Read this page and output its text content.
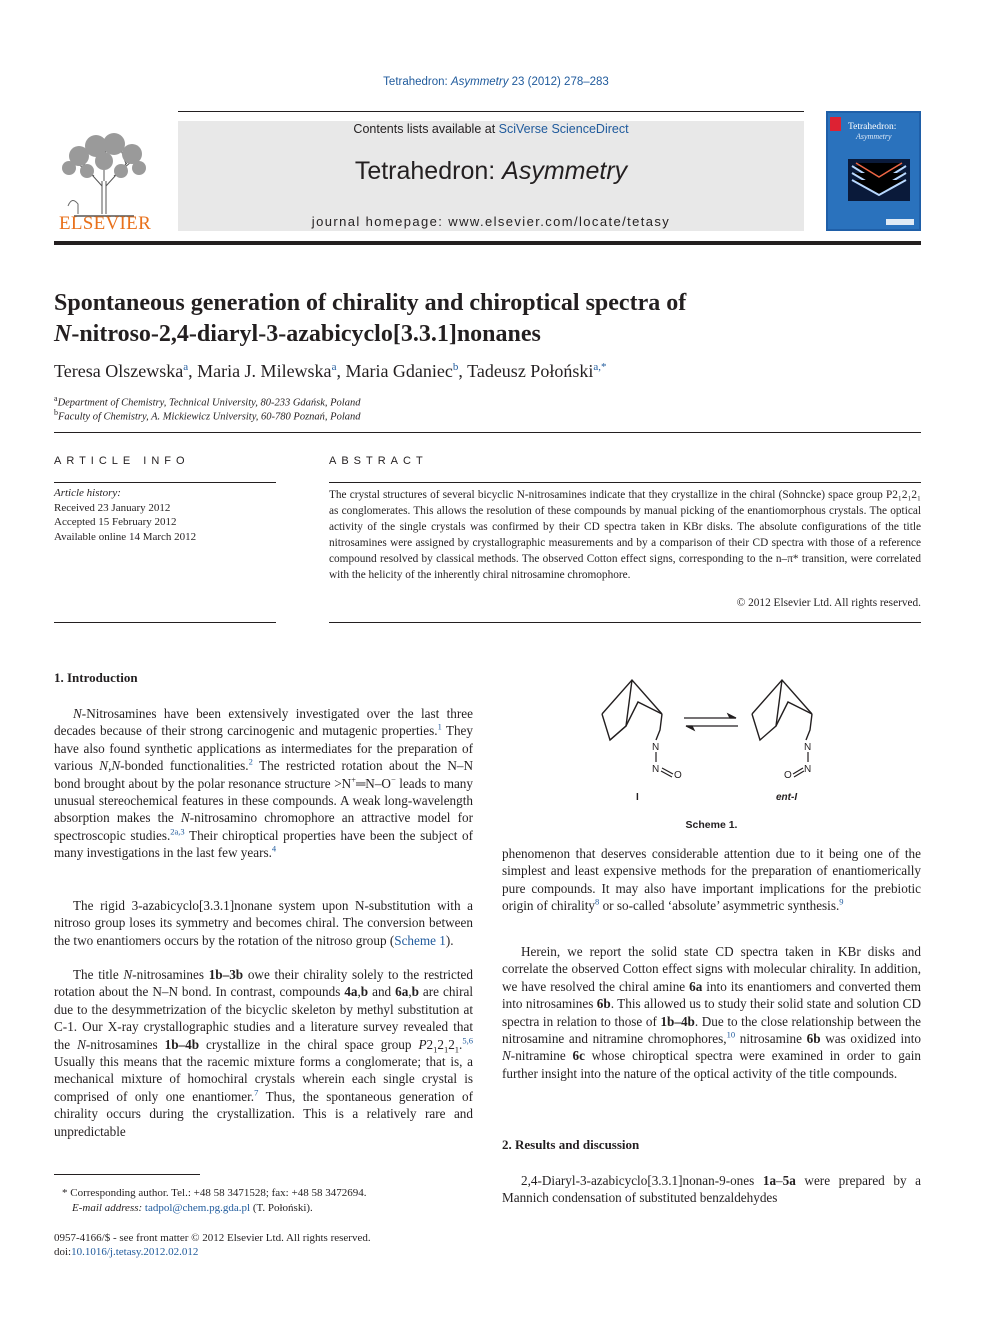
Tetrahedron: Asymmetry 23 (2012) 278–283
ELSEVIER
Contents lists available at SciVerse ScienceDirect
Tetrahedron: Asymmetry
journal homepage: www.elsevier.com/locate/tetasy
Tetrahedron:
Asymmetry
Spontaneous generation of chirality and chiroptical spectra of
N-nitroso-2,4-diaryl-3-azabicyclo[3.3.1]nonanes
Teresa Olszewska$^a$, Maria J. Milewska$^a$, Maria Gdaniec$^b$, Tadeusz Połoński$^{a,*}$
$^a$Department of Chemistry, Technical University, 80-233 Gdańsk, Poland
$^b$Faculty of Chemistry, A. Mickiewicz University, 60-780 Poznań, Poland
ARTICLE INFO	ABSTRACT
Article history:
Received 23 January 2012
Accepted 15 February 2012
Available online 14 March 2012
The crystal structures of several bicyclic N-nitrosamines indicate that they crystallize in the chiral (Sohncke) space group P2₁2₁2₁ as conglomerates. This allows the resolution of these compounds by manual picking of the enantiomorphous crystals. The optical activity of the single crystals was confirmed by their CD spectra taken in KBr disks. The absolute configurations of the title nitrosamines were assigned by crystallographic measurements and by a comparison of their CD spectra with those of a reference compound resolved by classical methods. The observed Cotton effect signs, corresponding to the n–π* transition, were correlated with the helicity of the inherently chiral nitrosamine chromophore.
© 2012 Elsevier Ltd. All rights reserved.
1. Introduction
N-Nitrosamines have been extensively investigated over the last three decades because of their strong carcinogenic and mutagenic properties.$^1$ They have also found synthetic applications as intermediates for the preparation of various N,N-bonded functionalities.$^2$ The restricted rotation about the N–N bond brought about by the polar resonance structure >N+═N–O− leads to many unusual stereochemical features in these compounds. A weak long-wavelength absorption makes the N-nitrosamino chromophore an attractive model for spectroscopic studies.$^{2a,3}$ Their chiroptical properties have been the subject of many investigations in the last few years.$^4$
The rigid 3-azabicyclo[3.3.1]nonane system upon N-substitution with a nitroso group loses its symmetry and becomes chiral. The conversion between the two enantiomers occurs by the rotation of the nitroso group (Scheme 1).
The title N-nitrosamines 1b–3b owe their chirality solely to the restricted rotation about the N–N bond. In contrast, compounds 4a,b and 6a,b are chiral due to the desymmetrization of the bicyclic skeleton by methyl substitution at C-1. Our X-ray crystallographic studies and a literature survey revealed that the N-nitrosamines 1b–4b crystallize in the chiral space group $P2_12_12_1.^{5,6}$ Usually this means that the racemic mixture forms a conglomerate; that is, a mechanical mixture of homochiral crystals wherein each single crystal is comprised of only one enantiomer.$^7$ Thus, the spontaneous generation of chirality occurs during the crystallization. This is a relatively rare and unpredictable
N
N
O
N
N
O
I	ent-I
Scheme 1.
phenomenon that deserves considerable attention due to it being one of the simplest and least expensive methods for the preparation of enantiomerically pure compounds. It may also have important implications for the prebiotic origin of chirality$^8$ or so-called ‘absolute’ asymmetric synthesis.$^9$
Herein, we report the solid state CD spectra taken in KBr disks and correlate the observed Cotton effect signs with molecular chirality. In addition, we have resolved the chiral amine 6a into its enantiomers and converted them into nitrosamines 6b. This allowed us to study their solid state and solution CD spectra in relation to those of 1b–4b. Due to the close relationship between the nitrosamine and nitramine chromophores,$^{10}$ nitrosamine 6b was oxidized into N-nitramine 6c whose chiroptical spectra were examined in order to gain further insight into the nature of the optical activity of the title compounds.
2. Results and discussion
2,4-Diaryl-3-azabicyclo[3.3.1]nonan-9-ones 1a–5a were prepared by a Mannich condensation of substituted benzaldehydes
* Corresponding author. Tel.: +48 58 3471528; fax: +48 58 3472694.
E-mail address: tadpol@chem.pg.gda.pl (T. Połoński).
0957-4166/$ - see front matter © 2012 Elsevier Ltd. All rights reserved.
doi:10.1016/j.tetasy.2012.02.012
